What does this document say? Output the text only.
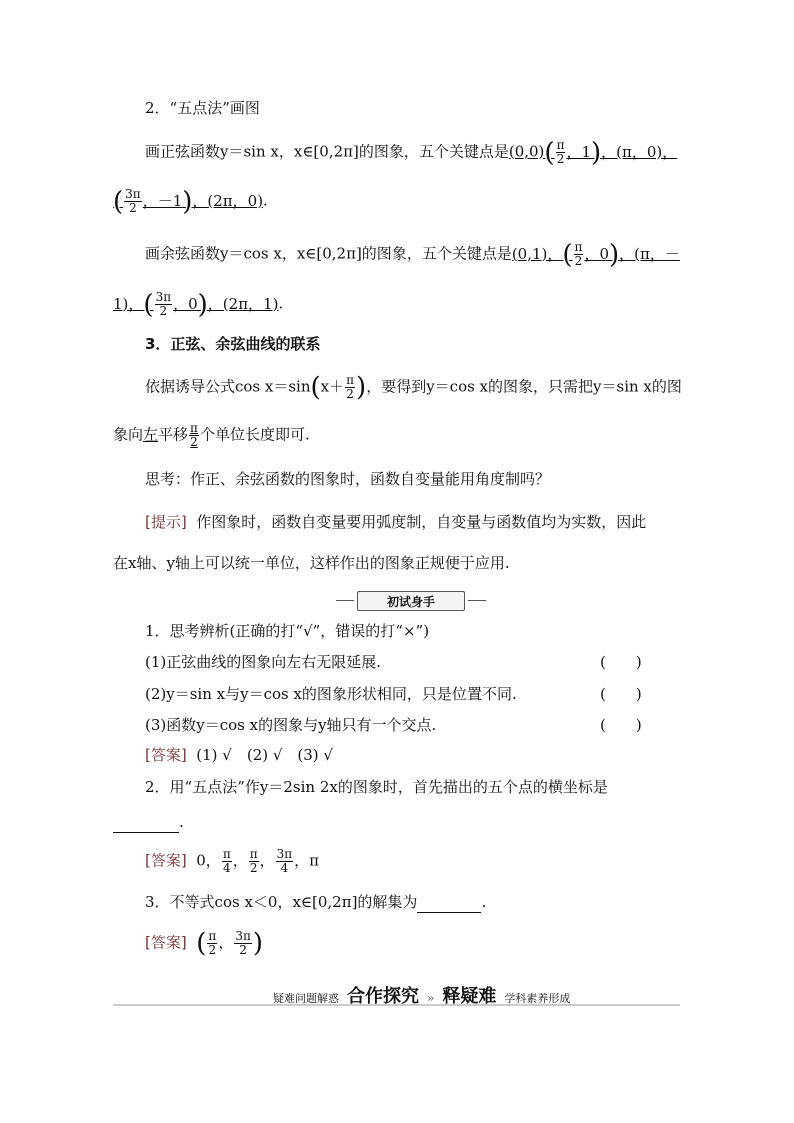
2．“五点法”画图
画正弦函数y＝sin x，x∈[0,2π]的图象，五个关键点是$(0,0)( \frac{\pi}{2}$ ，1)，(π，0)，
( $\frac{3\pi}{2}$ ，－1)，(2π，0).
画余弦函数y＝cos x，x∈[0,2π]的图象，五个关键点是(0,1)，( $\frac{\pi}{2}$ ，0)，(π，－
1)，( $\frac{3\pi}{2}$ ，0)，(2π，1).
3．正弦、余弦曲线的联系
依据诱导公式$\cos x=\sin(x+ \frac{\pi}{2}$ )，要得到y＝cos x的图象，只需把y＝sin x的图
象向左平移 $\frac{\pi}{2}$ 个单位长度即可.
思考：作正、余弦函数的图象时，函数自变量能用角度制吗？
[提示] 作图象时，函数自变量要用弧度制，自变量与函数值均为实数，因此
在x轴、y轴上可以统一单位，这样作出的图象正规便于应用.
初试身手
1．思考辨析(正确的打“√”，错误的打“×”)
(1)正弦曲线的图象向左右无限延展.	(　　)
(2)y＝sin x与y＝cos x的图象形状相同，只是位置不同.	(　　)
(3)函数y＝cos x的图象与y轴只有一个交点.	(　　)
[答案] (1) √　(2) √　(3) √
2．用“五点法”作y＝2sin 2x的图象时，首先描出的五个点的横坐标是
.
[答案] 0， $\frac{\pi}{4}$ ， $\frac{\pi}{2}$ ， $\frac{3\pi}{4}$ ，π
3．不等式cos x＜0，x∈[0,2π]的解集为	.
[答案] ( $\frac{\pi}{2}$ ， $\frac{3\pi}{2}$ )
疑难问题解惑 合作探究 » 释疑难 学科素养形成
